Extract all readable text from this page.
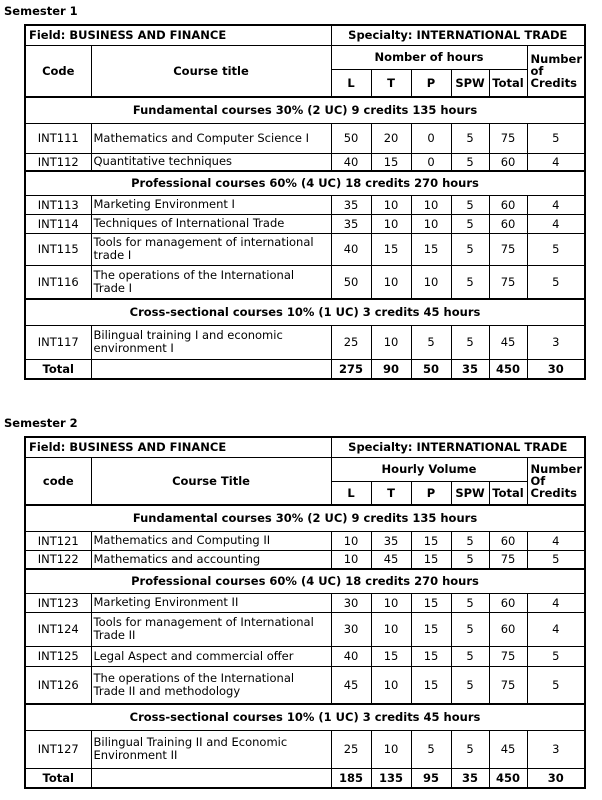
Semester 1
Field: BUSINESS AND FINANCE		Specialty: INTERNATIONAL TRADE					
Code	Course title	Nomber of hours					Number of Credits
		L	T	P	SPW	Total	
Fundamental courses 30% (2 UC) 9 credits 135 hours							
INT111	Mathematics and Computer Science I	50	20	0	5	75	5
INT112	Quantitative techniques	40	15	0	5	60	4
Professional courses 60% (4 UC) 18 credits 270 hours							
INT113	Marketing Environment I	35	10	10	5	60	4
INT114	Techniques of International Trade	35	10	10	5	60	4
INT115	Tools for management of international trade I	40	15	15	5	75	5
INT116	The operations of the International Trade I	50	10	10	5	75	5
Cross-sectional courses 10% (1 UC) 3 credits 45 hours							
INT117	Bilingual training I and economic environment I	25	10	5	5	45	3
Total		275	90	50	35	450	30
Semester 2
Field: BUSINESS AND FINANCE		Specialty: INTERNATIONAL TRADE					
code	Course Title	Hourly Volume					Number Of Credits
		L	T	P	SPW	Total	
Fundamental courses 30% (2 UC) 9 credits 135 hours							
INT121	Mathematics and Computing II	10	35	15	5	60	4
INT122	Mathematics and accounting	10	45	15	5	75	5
Professional courses 60% (4 UC) 18 credits 270 hours							
INT123	Marketing Environment II	30	10	15	5	60	4
INT124	Tools for management of International Trade II	30	10	15	5	60	4
INT125	Legal Aspect and commercial offer	40	15	15	5	75	5
INT126	The operations of the International Trade II and methodology	45	10	15	5	75	5
Cross-sectional courses 10% (1 UC) 3 credits 45 hours							
INT127	Bilingual Training II and Economic Environment II	25	10	5	5	45	3
Total		185	135	95	35	450	30
